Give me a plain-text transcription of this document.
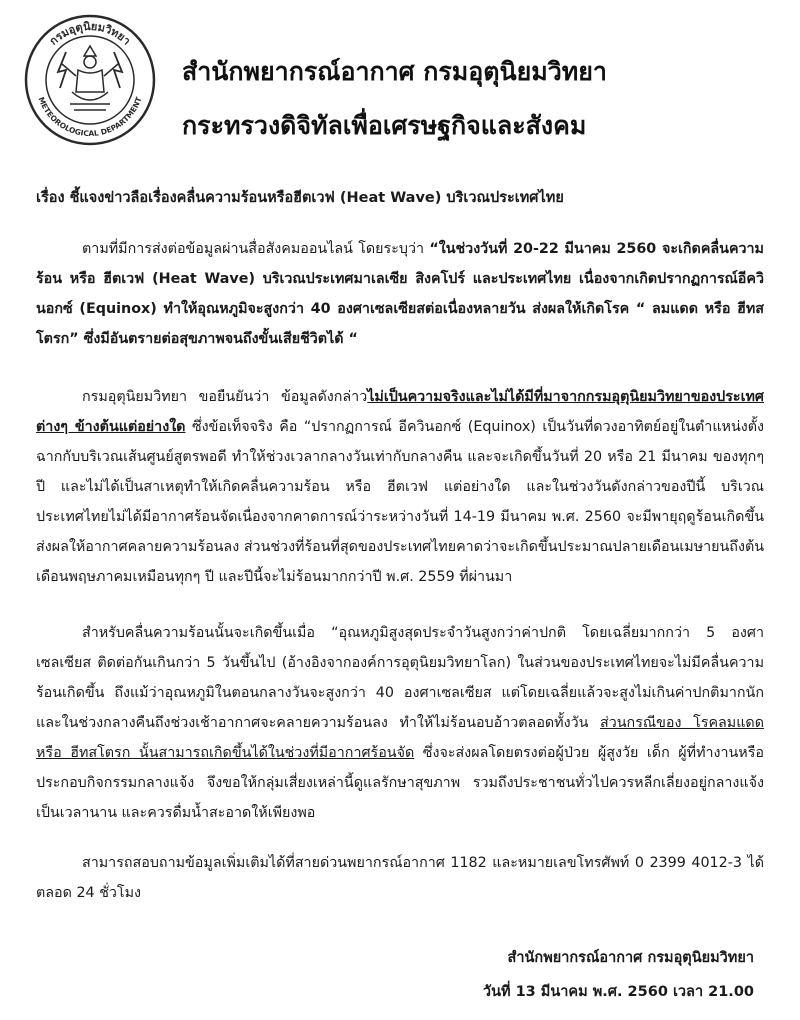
กรมอุตุนิยมวิทยา
METEOROLOGICAL DEPARTMENT
สำนักพยากรณ์อากาศ กรมอุตุนิยมวิทยา
กระทรวงดิจิทัลเพื่อเศรษฐกิจและสังคม
เรื่อง ชี้แจงข่าวลือเรื่องคลื่นความร้อนหรือฮีตเวฟ (Heat Wave) บริเวณประเทศไทย
ตามที่มีการส่งต่อข้อมูลผ่านสื่อสังคมออนไลน์ โดยระบุว่า “ในช่วงวันที่ 20-22 มีนาคม 2560 จะเกิดคลื่นความร้อน หรือ ฮีตเวฟ (Heat Wave) บริเวณประเทศมาเลเซีย สิงคโปร์ และประเทศไทย เนื่องจากเกิดปรากฏการณ์อีควินอกซ์ (Equinox) ทำให้อุณหภูมิจะสูงกว่า 40 องศาเซลเซียสต่อเนื่องหลายวัน ส่งผลให้เกิดโรค “ ลมแดด หรือ ฮีทสโตรก” ซึ่งมีอันตรายต่อสุขภาพจนถึงขั้นเสียชีวิตได้ “
กรมอุตุนิยมวิทยา ขอยืนยันว่า ข้อมูลดังกล่าวไม่เป็นความจริงและไม่ได้มีที่มาจากกรมอุตุนิยมวิทยาของประเทศต่างๆ ข้างต้นแต่อย่างใด ซึ่งข้อเท็จจริง คือ “ปรากฏการณ์ อีควินอกซ์ (Equinox) เป็นวันที่ดวงอาทิตย์อยู่ในตำแหน่งตั้งฉากกับบริเวณเส้นศูนย์สูตรพอดี ทำให้ช่วงเวลากลางวันเท่ากับกลางคืน และจะเกิดขึ้นวันที่ 20 หรือ 21 มีนาคม ของทุกๆปี และไม่ได้เป็นสาเหตุทำให้เกิดคลื่นความร้อน หรือ ฮีตเวฟ แต่อย่างใด และในช่วงวันดังกล่าวของปีนี้ บริเวณประเทศไทยไม่ได้มีอากาศร้อนจัดเนื่องจากคาดการณ์ว่าระหว่างวันที่ 14-19 มีนาคม พ.ศ. 2560 จะมีพายุฤดูร้อนเกิดขึ้น ส่งผลให้อากาศคลายความร้อนลง ส่วนช่วงที่ร้อนที่สุดของประเทศไทยคาดว่าจะเกิดขึ้นประมาณปลายเดือนเมษายนถึงต้นเดือนพฤษภาคมเหมือนทุกๆ ปี และปีนี้จะไม่ร้อนมากกว่าปี พ.ศ. 2559 ที่ผ่านมา
สำหรับคลื่นความร้อนนั้นจะเกิดขึ้นเมื่อ “อุณหภูมิสูงสุดประจำวันสูงกว่าค่าปกติ โดยเฉลี่ยมากกว่า 5 องศาเซลเซียส ติดต่อกันเกินกว่า 5 วันขึ้นไป (อ้างอิงจากองค์การอุตุนิยมวิทยาโลก) ในส่วนของประเทศไทยจะไม่มีคลื่นความร้อนเกิดขึ้น ถึงแม้ว่าอุณหภูมิในตอนกลางวันจะสูงกว่า 40 องศาเซลเซียส แต่โดยเฉลี่ยแล้วจะสูงไม่เกินค่าปกติมากนัก และในช่วงกลางคืนถึงช่วงเช้าอากาศจะคลายความร้อนลง ทำให้ไม่ร้อนอบอ้าวตลอดทั้งวัน ส่วนกรณีของ โรคลมแดด หรือ ฮีทสโตรก นั้นสามารถเกิดขึ้นได้ในช่วงที่มีอากาศร้อนจัด ซึ่งจะส่งผลโดยตรงต่อผู้ป่วย ผู้สูงวัย เด็ก ผู้ที่ทำงานหรือประกอบกิจกรรมกลางแจ้ง จึงขอให้กลุ่มเสี่ยงเหล่านี้ดูแลรักษาสุขภาพ รวมถึงประชาชนทั่วไปควรหลีกเลี่ยงอยู่กลางแจ้งเป็นเวลานาน และควรดื่มน้ำสะอาดให้เพียงพอ
สามารถสอบถามข้อมูลเพิ่มเติมได้ที่สายด่วนพยากรณ์อากาศ 1182 และหมายเลขโทรศัพท์ 0 2399 4012-3 ได้ตลอด 24 ชั่วโมง
สำนักพยากรณ์อากาศ กรมอุตุนิยมวิทยา
วันที่ 13 มีนาคม พ.ศ. 2560 เวลา 21.00
